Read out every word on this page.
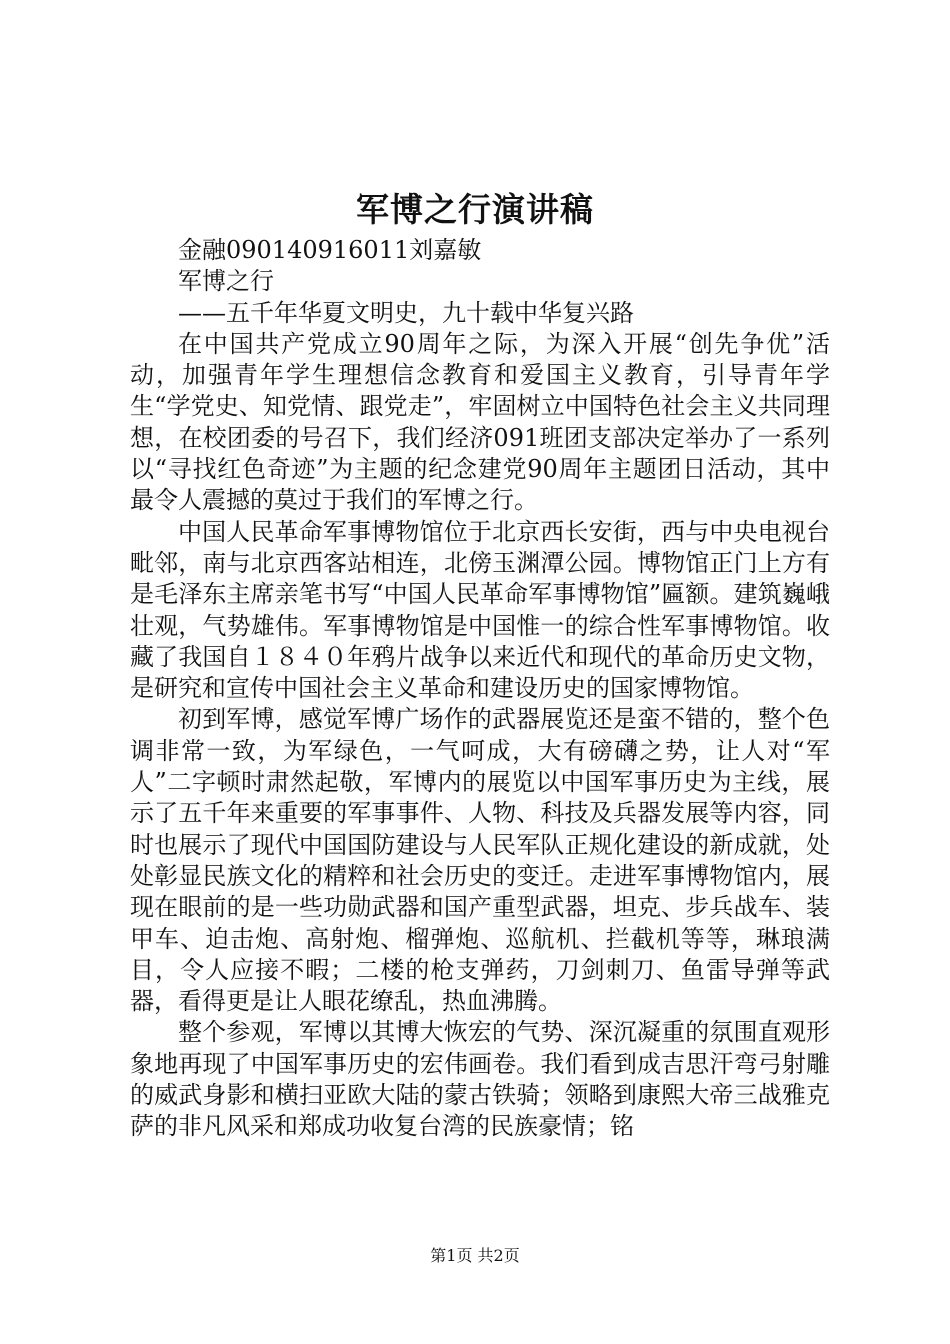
军博之行演讲稿
　　金融090140916011刘嘉敏
　　军博之行
　　——五千年华夏文明史，九十载中华复兴路

在中国共产党成立90周年之际，为深入开展“创先争优”活动，加强青年学生理想信念教育和爱国主义教育，引导青年学生“学党史、知党情、跟党走”，牢固树立中国特色社会主义共同理想，在校团委的号召下，我们经济091班团支部决定举办了一系列以“寻找红色奇迹”为主题的纪念建党90周年主题团日活动，其中最令人震撼的莫过于我们的军博之行。

中国人民革命军事博物馆位于北京西长安街，西与中央电视台毗邻，南与北京西客站相连，北傍玉渊潭公园。博物馆正门上方有是毛泽东主席亲笔书写“中国人民革命军事博物馆”匾额。建筑巍峨壮观，气势雄伟。军事博物馆是中国惟一的综合性军事博物馆。收藏了我国自１８４０年鸦片战争以来近代和现代的革命历史文物，是研究和宣传中国社会主义革命和建设历史的国家博物馆。

初到军博，感觉军博广场作的武器展览还是蛮不错的，整个色调非常一致，为军绿色，一气呵成，大有磅礴之势，让人对“军人”二字顿时肃然起敬，军博内的展览以中国军事历史为主线，展示了五千年来重要的军事事件、人物、科技及兵器发展等内容，同时也展示了现代中国国防建设与人民军队正规化建设的新成就，处处彰显民族文化的精粹和社会历史的变迁。走进军事博物馆内，展现在眼前的是一些功勋武器和国产重型武器，坦克、步兵战车、装甲车、迫击炮、高射炮、榴弹炮、巡航机、拦截机等等，琳琅满目，令人应接不暇；二楼的枪支弹药，刀剑刺刀、鱼雷导弹等武器，看得更是让人眼花缭乱，热血沸腾。

整个参观，军博以其博大恢宏的气势、深沉凝重的氛围直观形象地再现了中国军事历史的宏伟画卷。我们看到成吉思汗弯弓射雕的威武身影和横扫亚欧大陆的蒙古铁骑；领略到康熙大帝三战雅克萨的非凡风采和郑成功收复台湾的民族豪情；铭

第1页 共2页
